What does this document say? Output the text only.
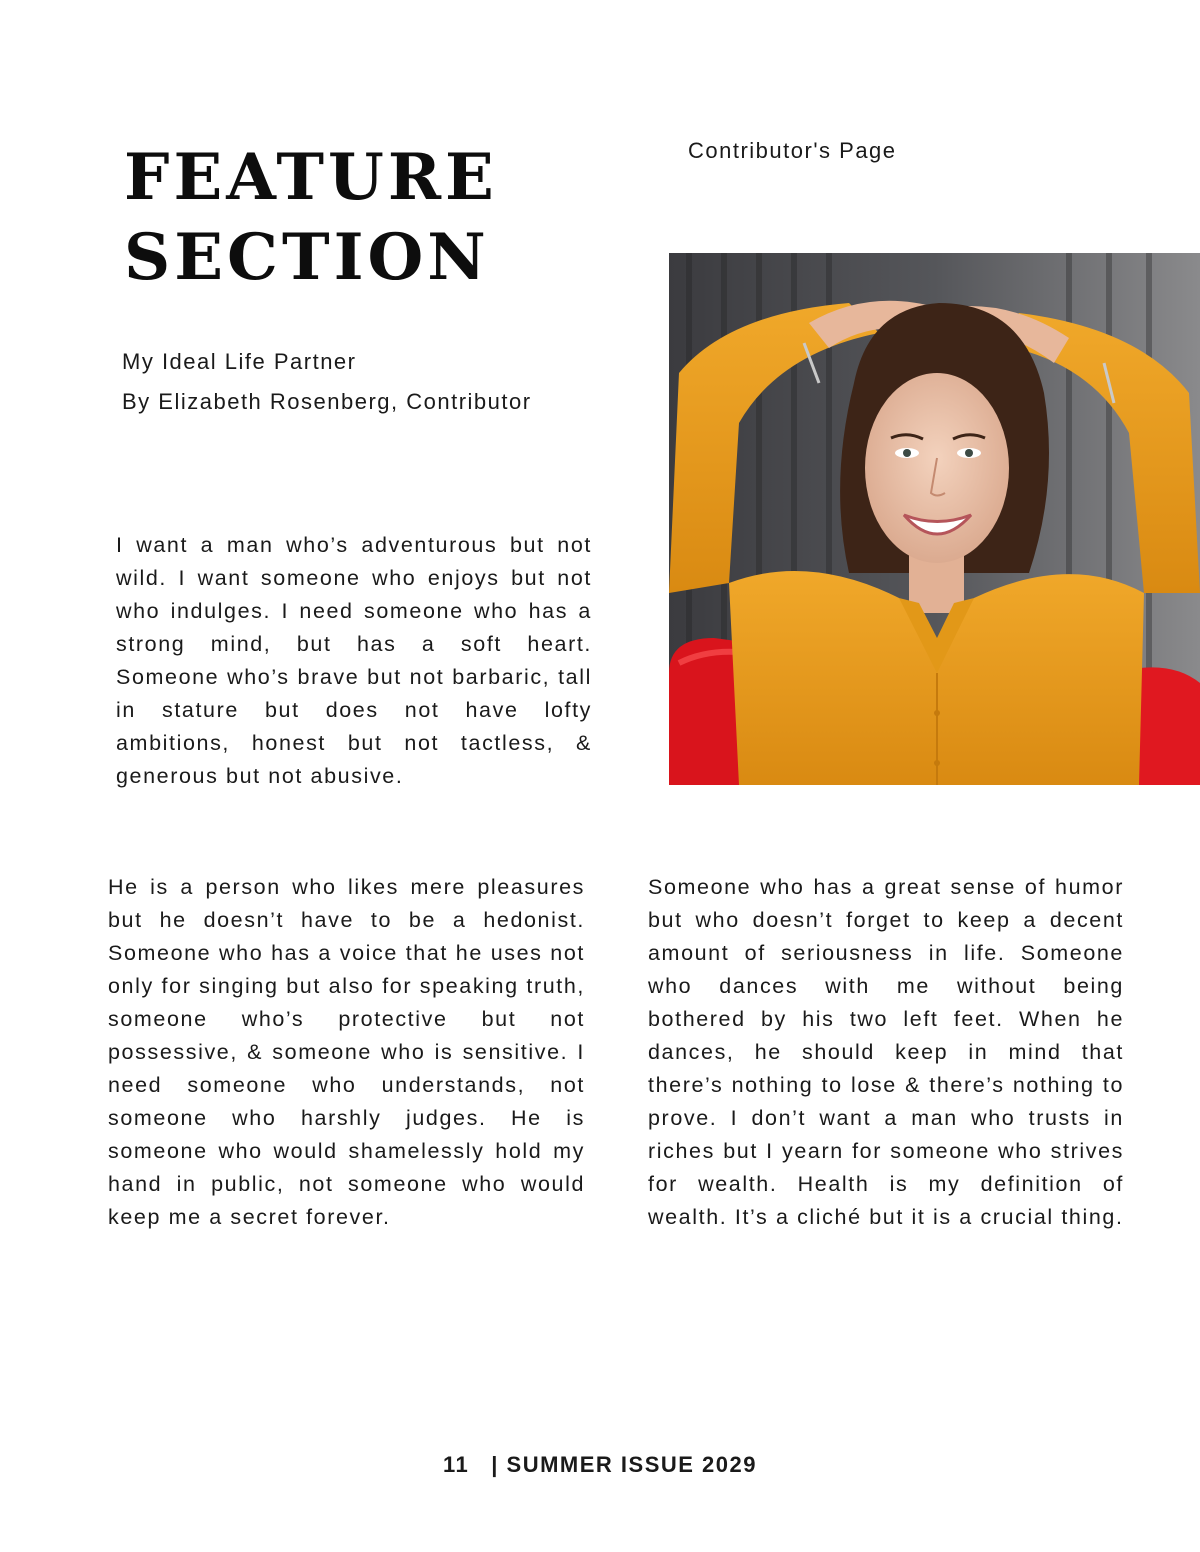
FEATURE
SECTION
Contributor's Page
My Ideal Life Partner
By Elizabeth Rosenberg, Contributor

I want a man who’s adventurous but not wild. I want someone who enjoys but not who indulges. I need someone who has a strong mind, but has a soft heart. Someone who’s brave but not barbaric, tall in stature but does not have lofty ambitions, honest but not tactless, & generous but not abusive.

He is a person who likes mere pleasures but he doesn’t have to be a hedonist. Someone who has a voice that he uses not only for singing but also for speaking truth, someone who’s protective but not possessive, & someone who is sensitive. I need someone who understands, not someone who harshly judges. He is someone who would shamelessly hold my hand in public, not someone who would keep me a secret forever.

Someone who has a great sense of humor but who doesn’t forget to keep a decent amount of seriousness in life. Someone who dances with me without being bothered by his two left feet. When he dances, he should keep in mind that there’s nothing to lose & there’s nothing to prove. I don’t want a man who trusts in riches but I yearn for someone who strives for wealth. Health is my definition of wealth. It’s a cliché but it is a crucial thing.

11 | SUMMER ISSUE 2029
